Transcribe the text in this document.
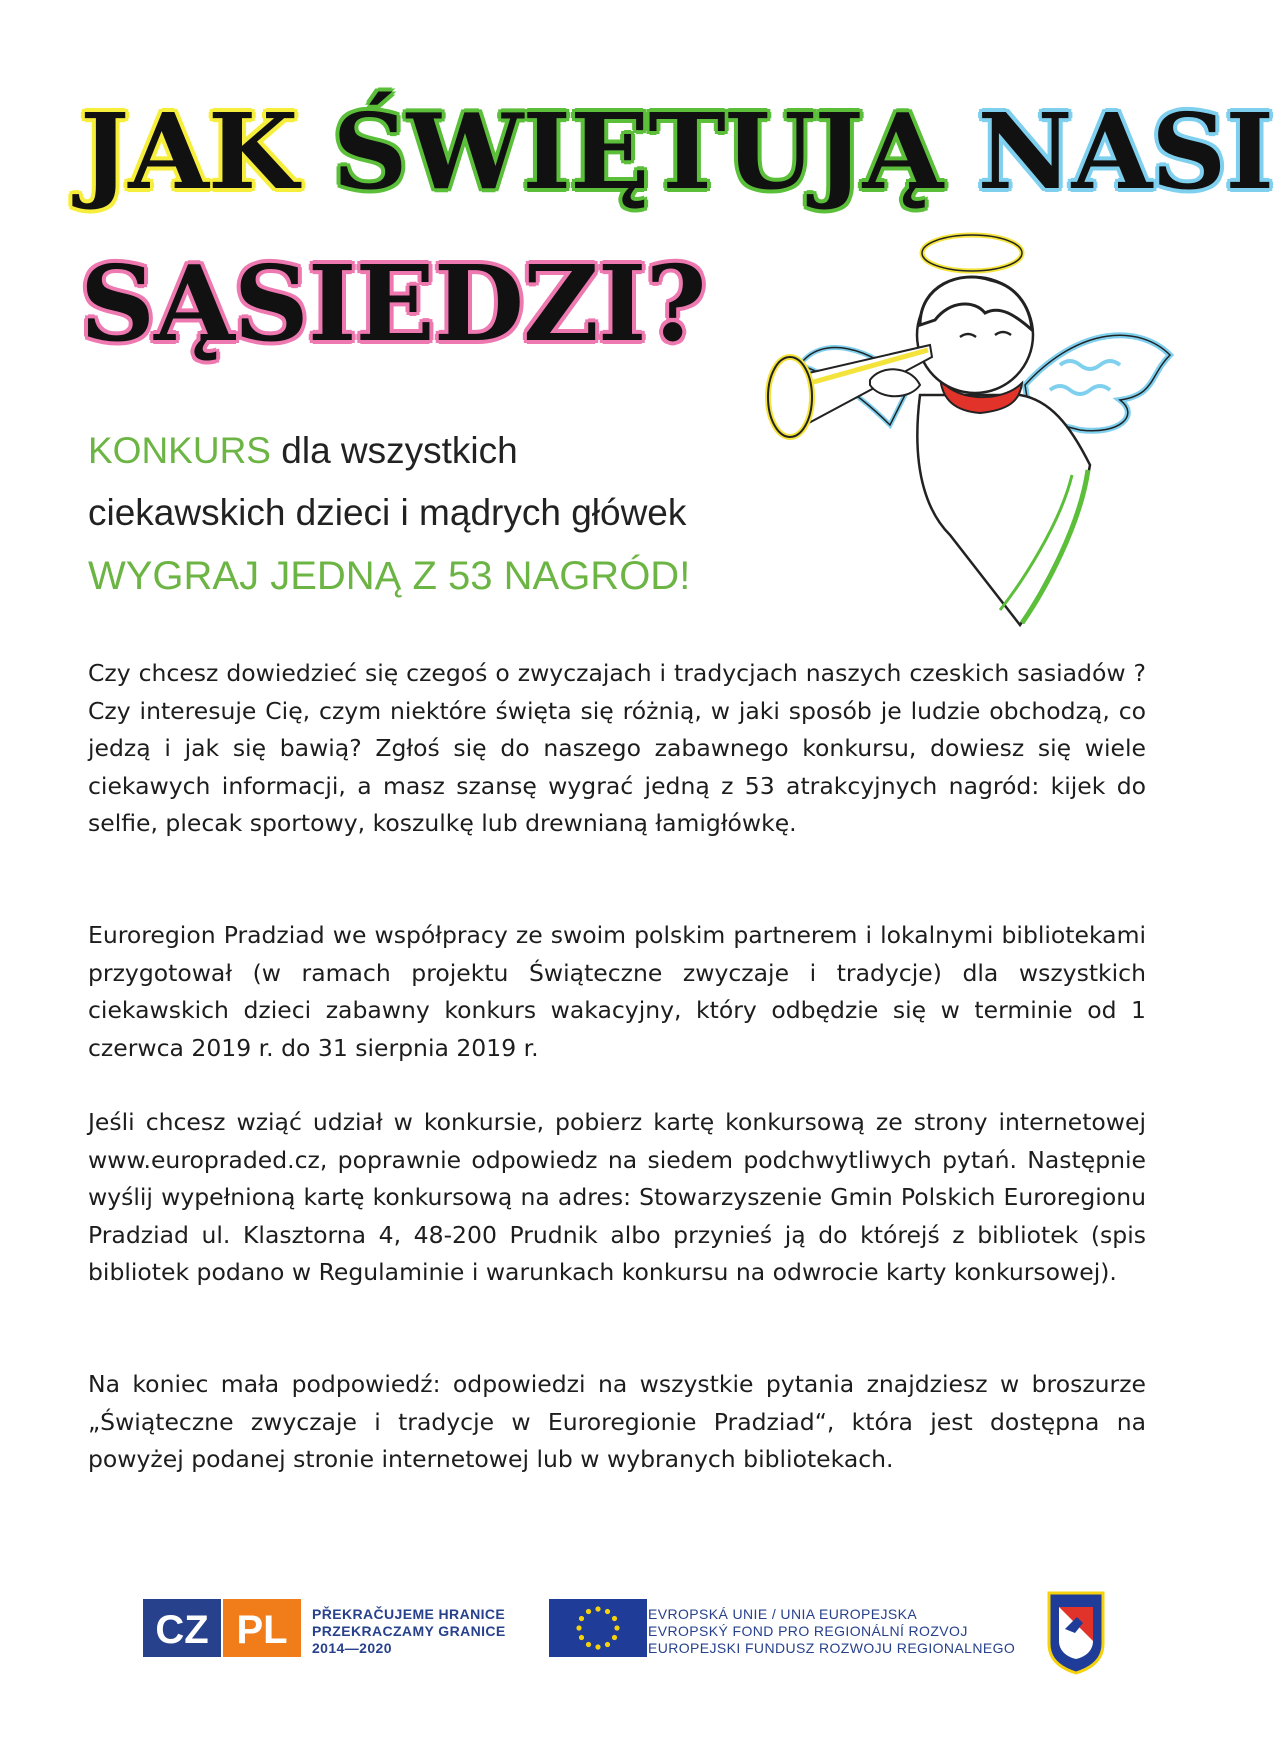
JAK ŚWIĘTUJĄ NASI
SĄSIEDZI?
KONKURS dla wszystkich
ciekawskich dzieci i mądrych główek
WYGRAJ JEDNĄ Z 53 NAGRÓD!
Czy chcesz dowiedzieć się czegoś o zwyczajach i tradycjach naszych czeskich sasiadów ? Czy interesuje Cię, czym niektóre święta się różnią, w jaki sposób je ludzie obchodzą, co jedzą i jak się bawią? Zgłoś się do naszego zabawnego konkursu, dowiesz się wiele ciekawych informacji, a masz szansę wygrać jedną z 53 atrakcyjnych nagród: kijek do selfie, plecak sportowy, koszulkę lub drewnianą łamigłówkę.
Euroregion Pradziad we współpracy ze swoim polskim partnerem i lokalnymi bibliotekami przygotował (w ramach projektu Świąteczne zwyczaje i tradycje) dla wszystkich ciekawskich dzieci zabawny konkurs wakacyjny, który odbędzie się w terminie od 1 czerwca 2019 r. do 31 sierpnia 2019 r.
Jeśli chcesz wziąć udział w konkursie, pobierz kartę konkursową ze strony internetowej www.europraded.cz, poprawnie odpowiedz na siedem podchwytliwych pytań. Następnie wyślij wypełnioną kartę konkursową na adres: Stowarzyszenie Gmin Polskich Euroregionu Pradziad ul. Klasztorna 4, 48-200 Prudnik albo przynieś ją do którejś z bibliotek (spis bibliotek podano w Regulaminie i warunkach konkursu na odwrocie karty konkursowej).
Na koniec mała podpowiedź: odpowiedzi na wszystkie pytania znajdziesz w broszurze „Świąteczne zwyczaje i tradycje w Euroregionie Pradziad“, która jest dostępna na powyżej podanej stronie internetowej lub w wybranych bibliotekach.
CZ PL PŘEKRAČUJEME HRANICE
PRZEKRACZAMY GRANICE
2014—2020
EVROPSKÁ UNIE / UNIA EUROPEJSKA
EVROPSKÝ FOND PRO REGIONÁLNÍ ROZVOJ
EUROPEJSKI FUNDUSZ ROZWOJU REGIONALNEGO
